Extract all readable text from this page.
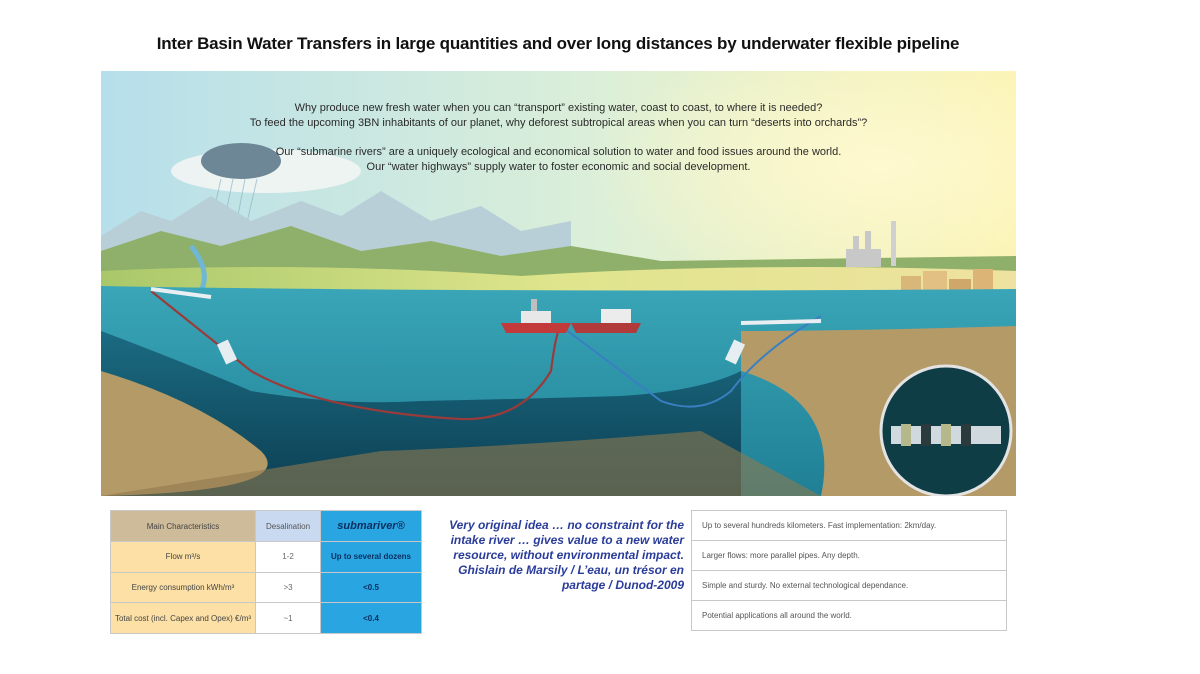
Inter Basin Water Transfers in large quantities and over long distances by underwater flexible pipeline

Why produce new fresh water when you can “transport” existing water, coast to coast, to where it is needed?

To feed the upcoming 3BN inhabitants of our planet, why deforest subtropical areas when you can turn “deserts into orchards”?

Our “submarine rivers” are a uniquely ecological and economical solution to water and food issues around the world.

Our “water highways” supply water to foster economic and social development.

Main Characteristics	Desalination	submariver®
Flow m³/s	1-2	Up to several dozens
Energy consumption kWh/m³	>3	<0.5
Total cost (incl. Capex and Opex) €/m³	~1	<0.4
Very original idea … no constraint for the intake river … gives value to a new water resource, without environmental impact. Ghislain de Marsily / L’eau, un trésor en partage / Dunod-2009
Up to several hundreds kilometers. Fast implementation: 2km/day.
Larger flows: more parallel pipes. Any depth.
Simple and sturdy. No external technological dependance.
Potential applications all around the world.
